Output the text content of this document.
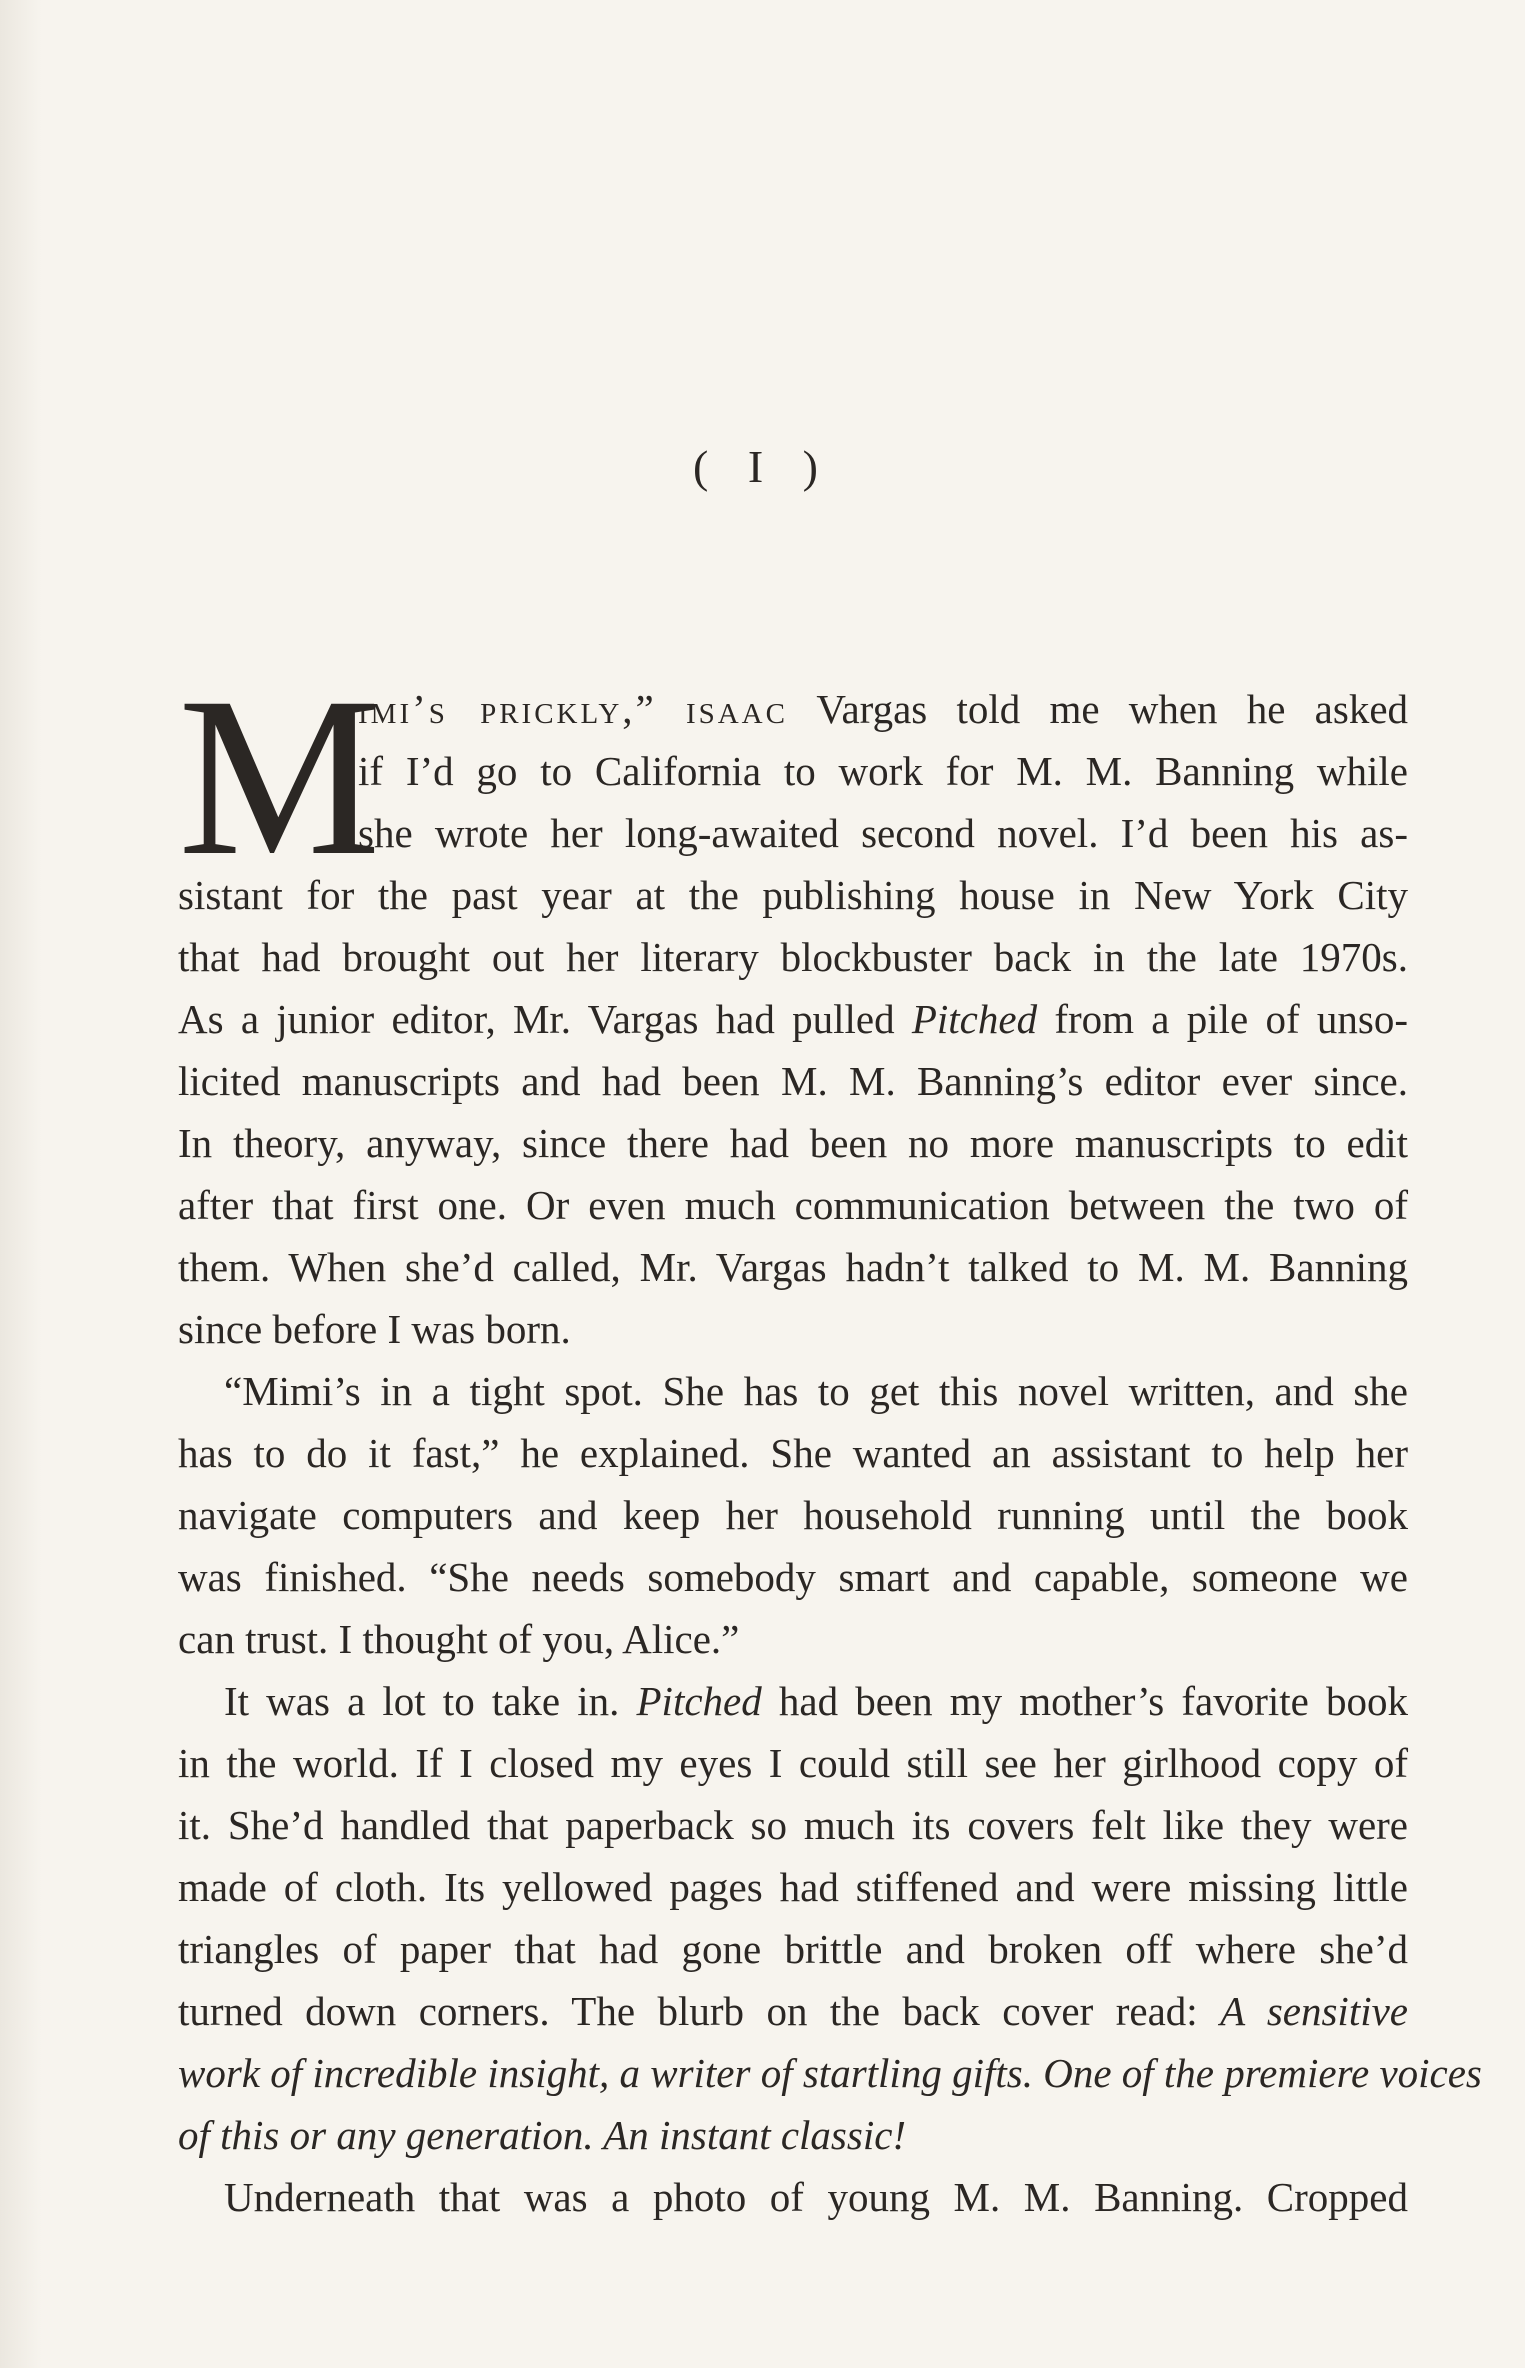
( I )
M
imi’s prickly,” isaac Vargas told me when he asked
if I’d go to California to work for M. M. Banning while
she wrote her long-awaited second novel. I’d been his as-
sistant for the past year at the publishing house in New York City
that had brought out her literary blockbuster back in the late 1970s.
As a junior editor, Mr. Vargas had pulled Pitched from a pile of unso-
licited manuscripts and had been M. M. Banning’s editor ever since.
In theory, anyway, since there had been no more manuscripts to edit
after that first one. Or even much communication between the two of
them. When she’d called, Mr. Vargas hadn’t talked to M. M. Banning
since before I was born.
“Mimi’s in a tight spot. She has to get this novel written, and she
has to do it fast,” he explained. She wanted an assistant to help her
navigate computers and keep her household running until the book
was finished. “She needs somebody smart and capable, someone we
can trust. I thought of you, Alice.”
It was a lot to take in. Pitched had been my mother’s favorite book
in the world. If I closed my eyes I could still see her girlhood copy of
it. She’d handled that paperback so much its covers felt like they were
made of cloth. Its yellowed pages had stiffened and were missing little
triangles of paper that had gone brittle and broken off where she’d
turned down corners. The blurb on the back cover read: A sensitive
work of incredible insight, a writer of startling gifts. One of the premiere voices
of this or any generation. An instant classic!
Underneath that was a photo of young M. M. Banning. Cropped
